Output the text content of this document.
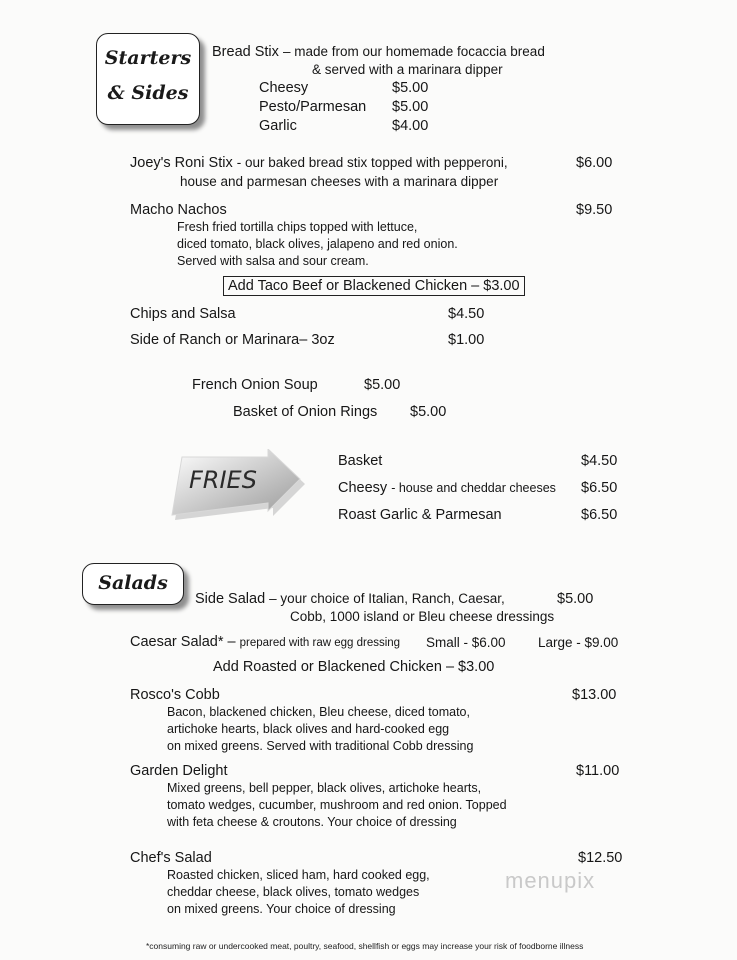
Starters
& Sides
Bread Stix – made from our homemade focaccia bread
& served with a marinara dipper
Cheesy	$5.00
Pesto/Parmesan $5.00
Garlic	$4.00
Joey's Roni Stix - our baked bread stix topped with pepperoni,	$6.00
house and parmesan cheeses with a marinara dipper
Macho Nachos	$9.50
Fresh fried tortilla chips topped with lettuce,
diced tomato, black olives, jalapeno and red onion.
Served with salsa and sour cream.
Add Taco Beef or Blackened Chicken – $3.00
Chips and Salsa	$4.50
Side of Ranch or Marinara– 3oz	$1.00
French Onion Soup	$5.00
Basket of Onion Rings $5.00
FRIES
Basket	$4.50
Cheesy - house and cheddar cheeses $6.50
Roast Garlic & Parmesan	$6.50
Salads
Side Salad – your choice of Italian, Ranch, Caesar,	$5.00
Cobb, 1000 island or Bleu cheese dressings
Caesar Salad* – prepared with raw egg dressing Small - $6.00 Large - $9.00
Add Roasted or Blackened Chicken – $3.00
Rosco's Cobb	$13.00
Bacon, blackened chicken, Bleu cheese, diced tomato,
artichoke hearts, black olives and hard-cooked egg
on mixed greens. Served with traditional Cobb dressing
Garden Delight	$11.00
Mixed greens, bell pepper, black olives, artichoke hearts,
tomato wedges, cucumber, mushroom and red onion. Topped
with feta cheese & croutons. Your choice of dressing
Chef's Salad	$12.50
Roasted chicken, sliced ham, hard cooked egg,
cheddar cheese, black olives, tomato wedges
on mixed greens. Your choice of dressing
menupix
*consuming raw or undercooked meat, poultry, seafood, shellfish or eggs may increase your risk of foodborne illness
